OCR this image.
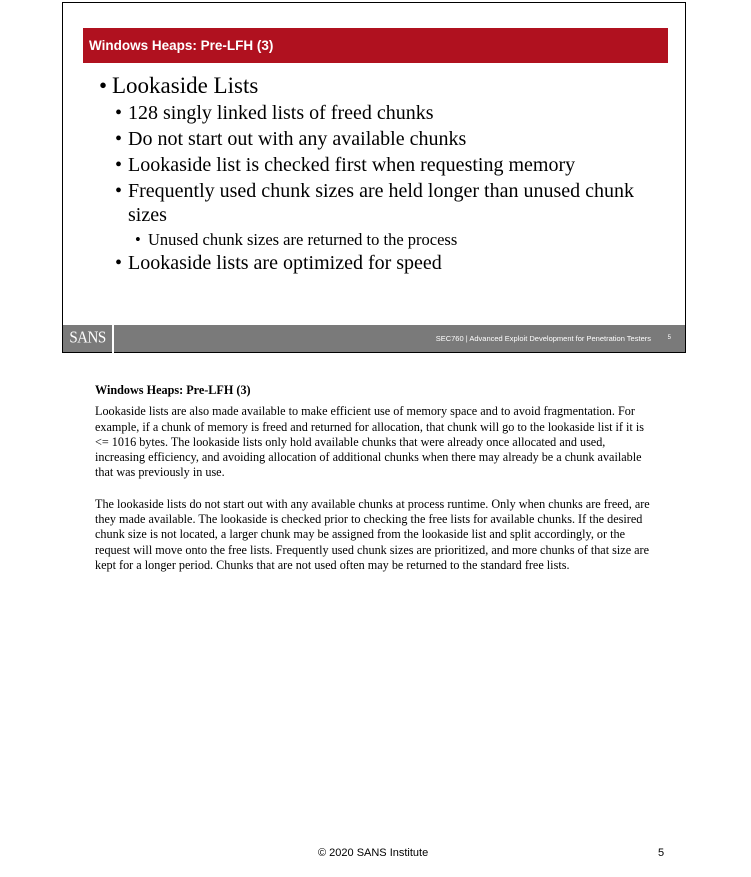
Windows Heaps: Pre-LFH (3)
• Lookaside Lists
• 128 singly linked lists of freed chunks
• Do not start out with any available chunks
• Lookaside list is checked first when requesting memory
• Frequently used chunk sizes are held longer than unused chunk sizes
• Unused chunk sizes are returned to the process
• Lookaside lists are optimized for speed
SANS	SEC760 | Advanced Exploit Development for Penetration Testers	5
Windows Heaps: Pre-LFH (3)

Lookaside lists are also made available to make efficient use of memory space and to avoid fragmentation. For example, if a chunk of memory is freed and returned for allocation, that chunk will go to the lookaside list if it is <= 1016 bytes. The lookaside lists only hold available chunks that were already once allocated and used, increasing efficiency, and avoiding allocation of additional chunks when there may already be a chunk available that was previously in use.

The lookaside lists do not start out with any available chunks at process runtime. Only when chunks are freed, are they made available. The lookaside is checked prior to checking the free lists for available chunks. If the desired chunk size is not located, a larger chunk may be assigned from the lookaside list and split accordingly, or the request will move onto the free lists. Frequently used chunk sizes are prioritized, and more chunks of that size are kept for a longer period. Chunks that are not used often may be returned to the standard free lists.

© 2020 SANS Institute	5
